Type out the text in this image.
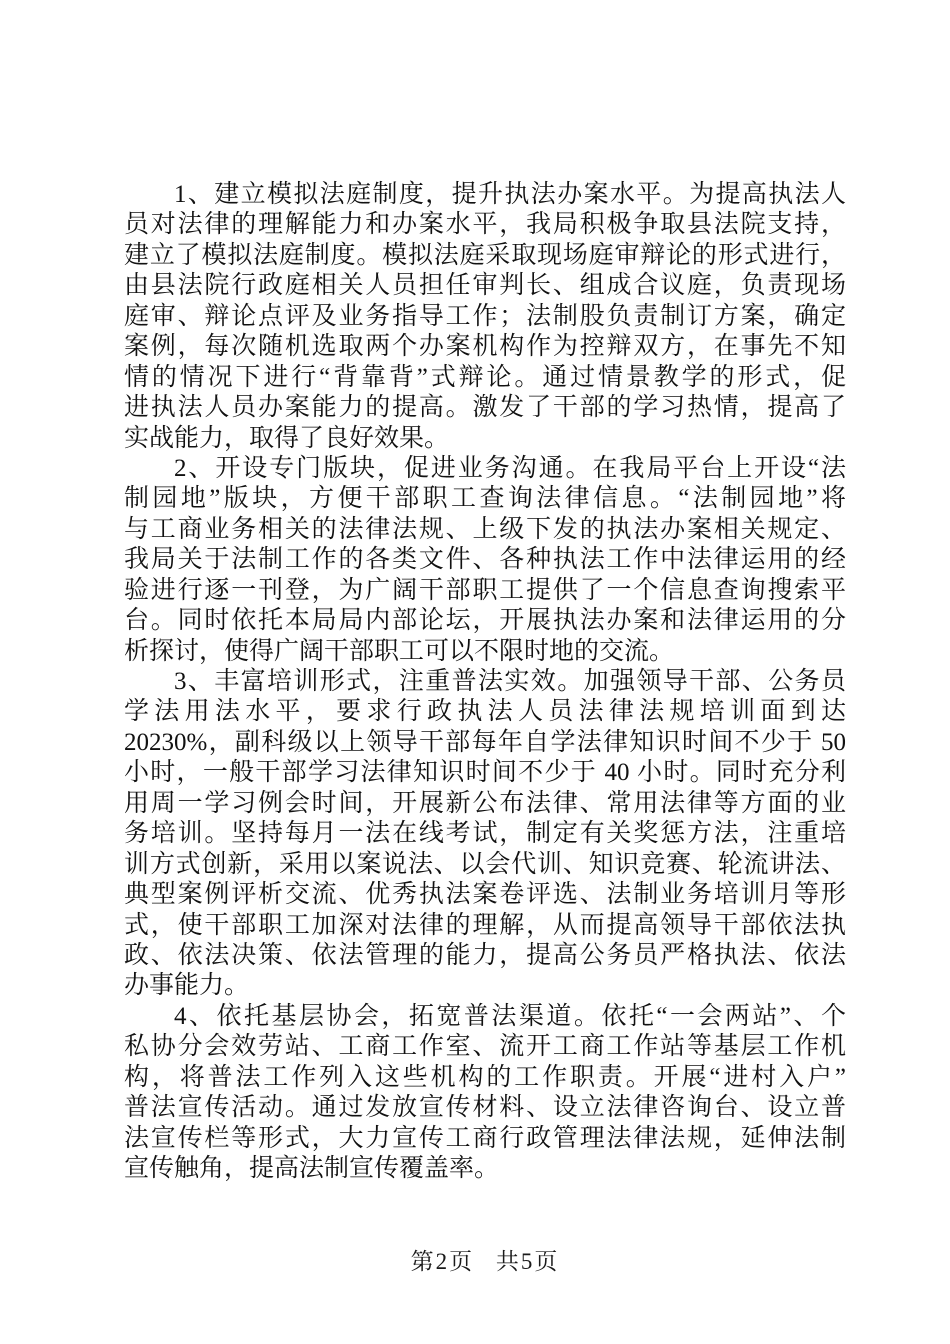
1、建立模拟法庭制度，提升执法办案水平。为提高执法人
员对法律的理解能力和办案水平，我局积极争取县法院支持，
建立了模拟法庭制度。模拟法庭采取现场庭审辩论的形式进行，
由县法院行政庭相关人员担任审判长、组成合议庭，负责现场
庭审、辩论点评及业务指导工作；法制股负责制订方案，确定
案例，每次随机选取两个办案机构作为控辩双方，在事先不知
情的情况下进行“背靠背”式辩论。通过情景教学的形式，促
进执法人员办案能力的提高。激发了干部的学习热情，提高了
实战能力，取得了良好效果。
2、开设专门版块，促进业务沟通。在我局平台上开设“法
制园地”版块，方便干部职工查询法律信息。“法制园地”将
与工商业务相关的法律法规、上级下发的执法办案相关规定、
我局关于法制工作的各类文件、各种执法工作中法律运用的经
验进行逐一刊登，为广阔干部职工提供了一个信息查询搜索平
台。同时依托本局局内部论坛，开展执法办案和法律运用的分
析探讨，使得广阔干部职工可以不限时地的交流。
3、丰富培训形式，注重普法实效。加强领导干部、公务员
学法用法水平，要求行政执法人员法律法规培训面到达
20230%，副科级以上领导干部每年自学法律知识时间不少于 50
小时，一般干部学习法律知识时间不少于 40 小时。同时充分利
用周一学习例会时间，开展新公布法律、常用法律等方面的业
务培训。坚持每月一法在线考试，制定有关奖惩方法，注重培
训方式创新，采用以案说法、以会代训、知识竞赛、轮流讲法、
典型案例评析交流、优秀执法案卷评选、法制业务培训月等形
式，使干部职工加深对法律的理解，从而提高领导干部依法执
政、依法决策、依法管理的能力，提高公务员严格执法、依法
办事能力。
4、依托基层协会，拓宽普法渠道。依托“一会两站”、个
私协分会效劳站、工商工作室、流开工商工作站等基层工作机
构，将普法工作列入这些机构的工作职责。开展“进村入户”
普法宣传活动。通过发放宣传材料、设立法律咨询台、设立普
法宣传栏等形式，大力宣传工商行政管理法律法规，延伸法制
宣传触角，提高法制宣传覆盖率。
第2页 共5页
